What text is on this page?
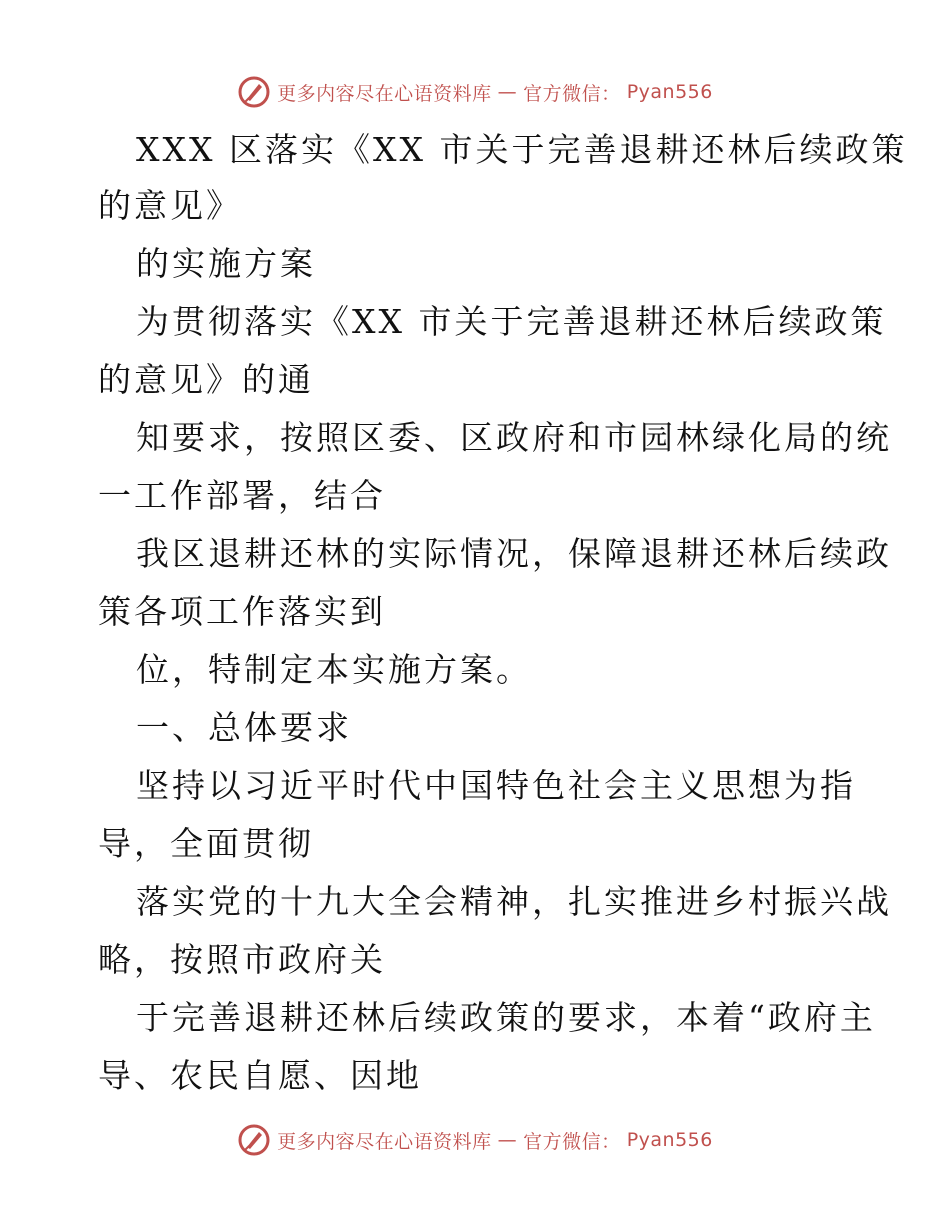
更多内容尽在心语资料库 — 官方微信： Pyan556
XXX 区落实《XX 市关于完善退耕还林后续政策
的意见》
的实施方案
为贯彻落实《XX 市关于完善退耕还林后续政策
的意见》的通
知要求，按照区委、区政府和市园林绿化局的统
一工作部署，结合
我区退耕还林的实际情况，保障退耕还林后续政
策各项工作落实到
位，特制定本实施方案。
一、总体要求
坚持以习近平时代中国特色社会主义思想为指
导，全面贯彻
落实党的十九大全会精神，扎实推进乡村振兴战
略，按照市政府关
于完善退耕还林后续政策的要求，本着“政府主
导、农民自愿、因地
更多内容尽在心语资料库 — 官方微信： Pyan556
